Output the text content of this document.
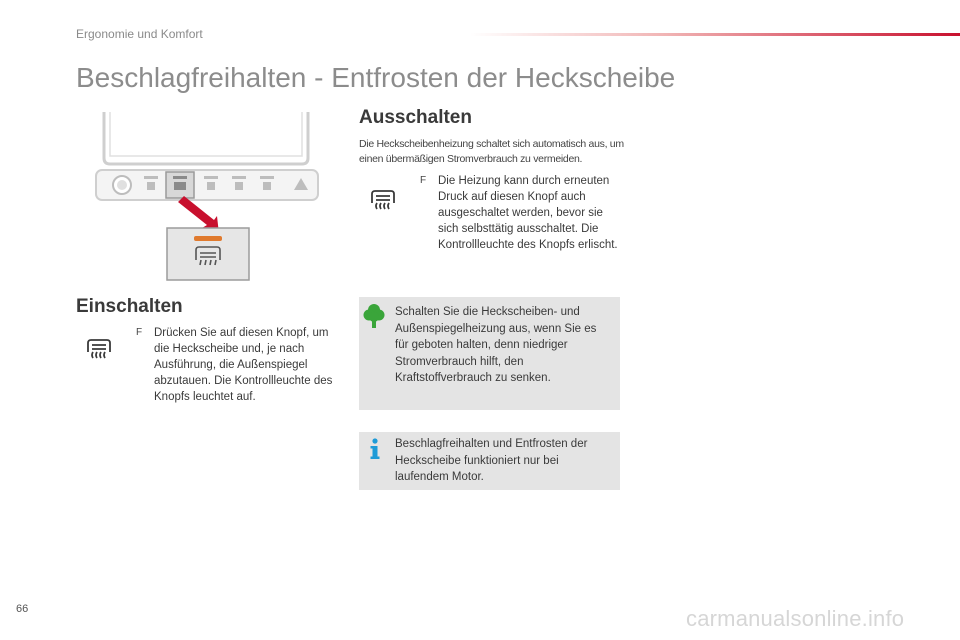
Ergonomie und Komfort
Beschlagfreihalten - Entfrosten der Heckscheibe
Einschalten
F Drücken Sie auf diesen Knopf, um die Heckscheibe und, je nach Ausführung, die Außenspiegel abzutauen. Die Kontrollleuchte des Knopfs leuchtet auf.
Ausschalten
Die Heckscheibenheizung schaltet sich automatisch aus, um einen übermäßigen Stromverbrauch zu vermeiden.
F Die Heizung kann durch erneuten Druck auf diesen Knopf auch ausgeschaltet werden, bevor sie sich selbsttätig ausschaltet. Die Kontrollleuchte des Knopfs erlischt.
Schalten Sie die Heckscheiben- und Außenspiegelheizung aus, wenn Sie es für geboten halten, denn niedriger Stromverbrauch hilft, den Kraftstoffverbrauch zu senken.
Beschlagfreihalten und Entfrosten der Heckscheibe funktioniert nur bei laufendem Motor.
66	carmanualsonline.info
